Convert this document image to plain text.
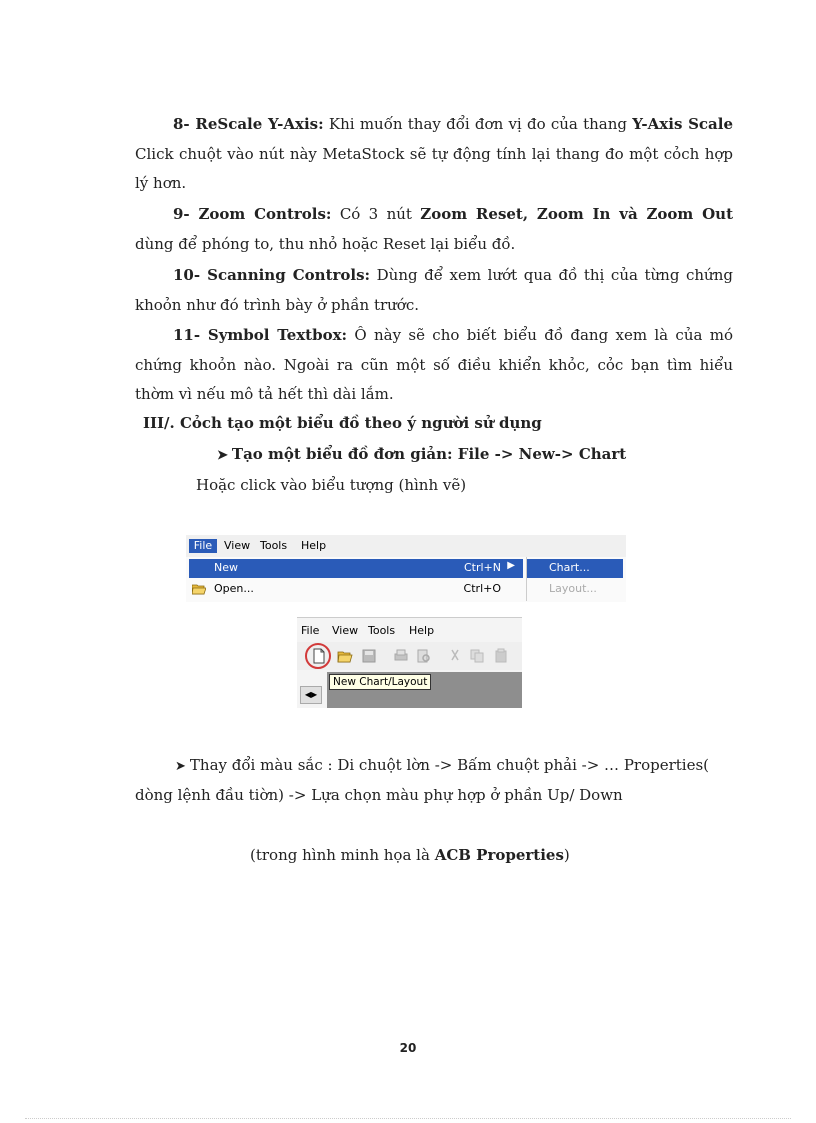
8- ReScale Y-Axis: Khi muốn thay đổi đơn vị đo của thang Y-Axis Scale Click chuột vào nút này MetaStock sẽ tự động tính lại thang đo một cỏch hợp lý hơn.

9- Zoom Controls: Có 3 nút Zoom Reset, Zoom In và Zoom Out dùng để phóng to, thu nhỏ hoặc Reset lại biểu đồ.

10- Scanning Controls: Dùng để xem lướt qua đồ thị của từng chứng khoỏn như đó trình bày ở phần trước.

11- Symbol Textbox: Ô này sẽ cho biết biểu đồ đang xem là của mó chứng khoỏn nào. Ngoài ra cũn một số điều khiển khỏc, cỏc bạn tìm hiểu thờm vì nếu mô tả hết thì dài lắm.

III/. Cỏch tạo một biểu đồ theo ý người sử dụng
➤ Tạo một biểu đồ đơn giản: File -> New-> Chart
Hoặc click vào biểu tượng (hình vẽ)
File	View Tools Help
New	Ctrl+N ▶
Open...	Ctrl+O
Chart...
Layout...
File View Tools Help
◀▶
New Chart/Layout

➤ Thay đổi màu sắc : Di chuột lờn -> Bấm chuột phải -> … Properties(

dòng lệnh đầu tiờn) -> Lựa chọn màu phự hợp ở phần Up/ Down
(trong hình minh họa là ACB Properties)
20
